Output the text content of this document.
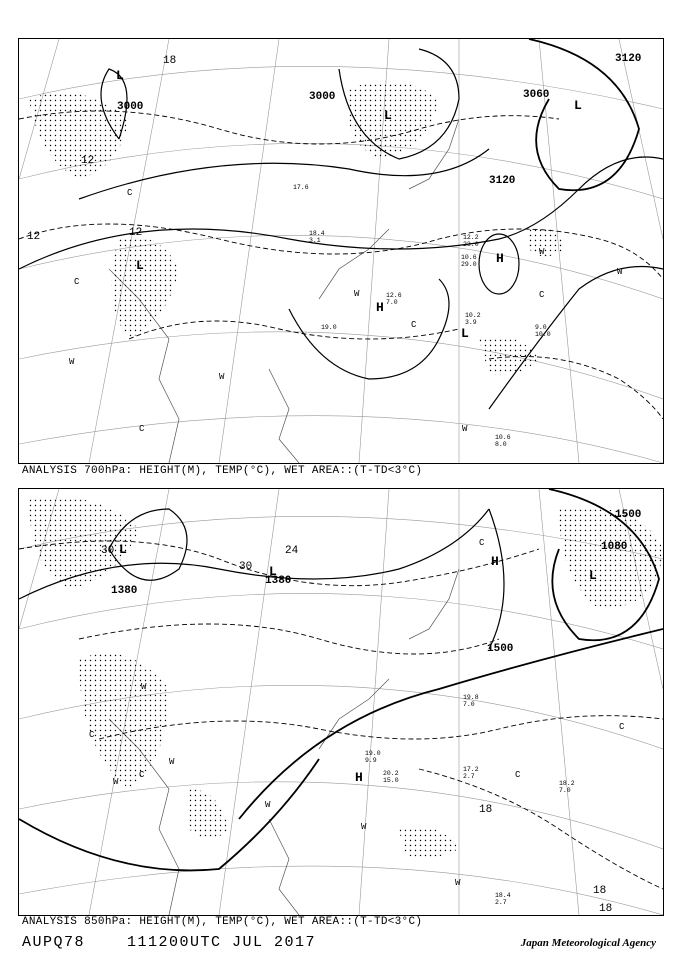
L
L
L
L
L
H
H
3000
3000	3060
3120
3120
18
12
12	12
W
W
W
W
W
W
C
C
C
C
C
10.2
3.9
9.0
10.0
10.6
8.0
12.2
23.0
10.6
29.0
17.6
18.4
3.1
12.6
7.0
19.0
ANALYSIS 700hPa: HEIGHT(M), TEMP(°C), WET AREA::(T-TD<3°C)
L
L	L
H
H
1380
1380
1500
1500
1080
30
30
24
18
18
18
W
W
W
W
W
W
C
C	C
C
C
18.2
7.0
17.2
2.7
18.4
2.7
19.8
7.0
20.2
15.0
19.0
9.9
ANALYSIS 850hPa: HEIGHT(M), TEMP(°C), WET AREA::(T-TD<3°C)
AUPQ78	111200UTC JUL 2017	Japan Meteorological Agency
